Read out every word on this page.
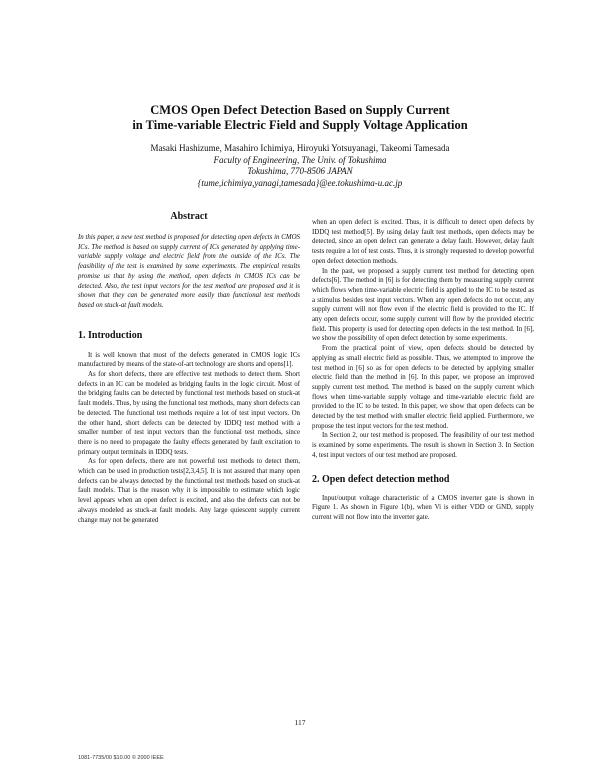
CMOS Open Defect Detection Based on Supply Current
in Time-variable Electric Field and Supply Voltage Application
Masaki Hashizume, Masahiro Ichimiya, Hiroyuki Yotsuyanagi, Takeomi Tamesada
Faculty of Engineering, The Univ. of Tokushima
Tokushima, 770-8506 JAPAN
{tume,ichimiya,yanagi,tamesada}@ee.tokushima-u.ac.jp
Abstract

In this paper, a new test method is proposed for detecting open defects in CMOS ICs. The method is based on supply current of ICs generated by applying time-variable supply voltage and electric field from the outside of the ICs. The feasibility of the test is examined by some experiments. The empirical results promise us that by using the method, open defects in CMOS ICs can be detected. Also, the test input vectors for the test method are proposed and it is shown that they can be generated more easily than functional test methods based on stuck-at fault models.

1. Introduction

It is well known that most of the defects generated in CMOS logic ICs manufactured by means of the state-of-art technology are shorts and opens[1].

As for short defects, there are effective test methods to detect them. Short defects in an IC can be modeled as bridging faults in the logic circuit. Most of the bridging faults can be detected by functional test methods based on stuck-at fault models. Thus, by using the functional test methods, many short defects can be detected. The functional test methods require a lot of test input vectors. On the other hand, short defects can be detected by IDDQ test method with a smaller number of test input vectors than the functional test methods, since there is no need to propagate the faulty effects generated by fault excitation to primary output terminals in IDDQ tests.

As for open defects, there are not powerful test methods to detect them, which can be used in production tests[2,3,4,5]. It is not assured that many open defects can be always detected by the functional test methods based on stuck-at fault models. That is the reason why it is impossible to estimate which logic level appears when an open defect is excited, and also the defects can not be always modeled as stuck-at fault models. Any large quiescent supply current change may not be generated

when an open defect is excited. Thus, it is difficult to detect open defects by IDDQ test method[5]. By using delay fault test methods, open defects may be detected, since an open defect can generate a delay fault. However, delay fault tests require a lot of test costs. Thus, it is strongly requested to develop powerful open defect detection methods.

In the past, we proposed a supply current test method for detecting open defects[6]. The method in [6] is for detecting them by measuring supply current which flows when time-variable electric field is applied to the IC to be tested as a stimulus besides test input vectors. When any open defects do not occur, any supply current will not flow even if the electric field is provided to the IC. If any open defects occur, some supply current will flow by the provided electric field. This property is used for detecting open defects in the test method. In [6], we show the possibility of open defect detection by some experiments.

From the practical point of view, open defects should be detected by applying as small electric field as possible. Thus, we attempted to improve the test method in [6] so as for open defects to be detected by applying smaller electric field than the method in [6]. In this paper, we propose an improved supply current test method. The method is based on the supply current which flows when time-variable supply voltage and time-variable electric field are provided to the IC to be tested. In this paper, we show that open defects can be detected by the test method with smaller electric field applied. Furthermore, we propose the test input vectors for the test method.

In Section 2, our test method is proposed. The feasibility of our test method is examined by some experiments. The result is shown in Section 3. In Section 4, test input vectors of our test method are proposed.

2. Open defect detection method

Input/output voltage characteristic of a CMOS inverter gate is shown in Figure 1. As shown in Figure 1(b), when Vi is either VDD or GND, supply current will not flow into the inverter gate.

117
1081-7735/00 $10.00 © 2000 IEEE
